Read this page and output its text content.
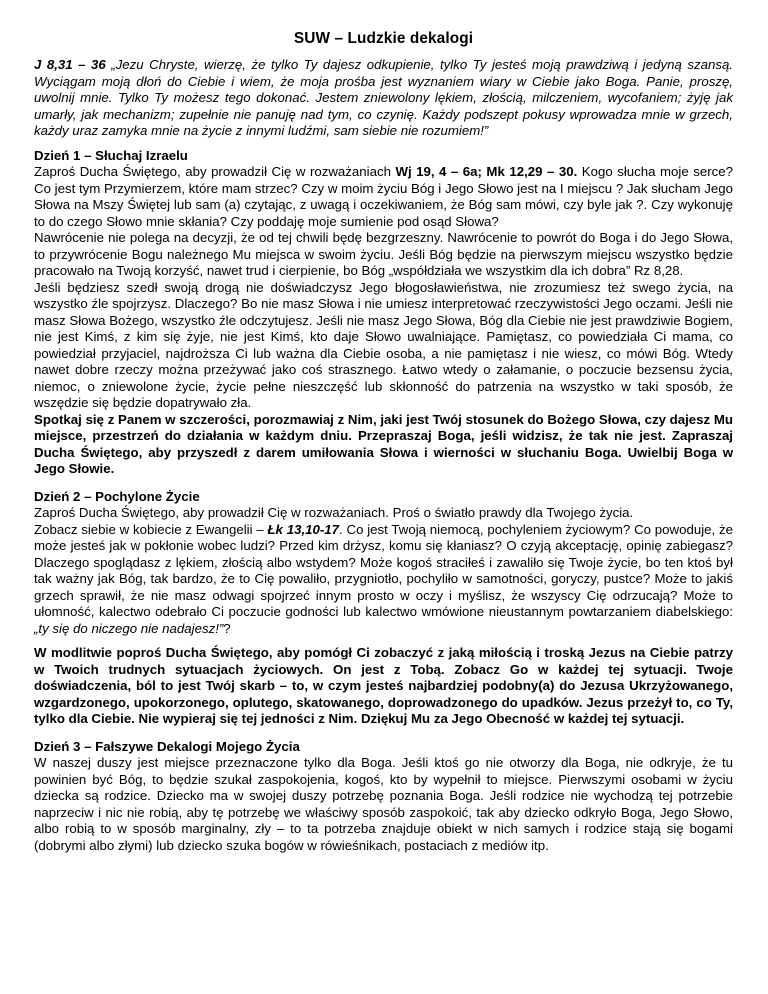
SUW – Ludzkie dekalogi

J 8,31 – 36 „Jezu Chryste, wierzę, że tylko Ty dajesz odkupienie, tylko Ty jesteś moją prawdziwą i jedyną szansą. Wyciągam moją dłoń do Ciebie i wiem, że moja prośba jest wyznaniem wiary w Ciebie jako Boga. Panie, proszę, uwolnij mnie. Tylko Ty możesz tego dokonać. Jestem zniewolony lękiem, złością, milczeniem, wycofaniem; żyję jak umarły, jak mechanizm; zupełnie nie panuję nad tym, co czynię. Każdy podszept pokusy wprowadza mnie w grzech, każdy uraz zamyka mnie na życie z innymi ludźmi, sam siebie nie rozumiem!”

Dzień 1 – Słuchaj Izraelu

Zaproś Ducha Świętego, aby prowadził Cię w rozważaniach Wj 19, 4 – 6a; Mk 12,29 – 30. Kogo słucha moje serce? Co jest tym Przymierzem, które mam strzec? Czy w moim życiu Bóg i Jego Słowo jest na I miejscu ? Jak słucham Jego Słowa na Mszy Świętej lub sam (a) czytając, z uwagą i oczekiwaniem, że Bóg sam mówi, czy byle jak ?. Czy wykonuję to do czego Słowo mnie skłania? Czy poddaję moje sumienie pod osąd Słowa?

Nawrócenie nie polega na decyzji, że od tej chwili będę bezgrzeszny. Nawrócenie to powrót do Boga i do Jego Słowa, to przywrócenie Bogu należnego Mu miejsca w swoim życiu. Jeśli Bóg będzie na pierwszym miejscu wszystko będzie pracowało na Twoją korzyść, nawet trud i cierpienie, bo Bóg „współdziała we wszystkim dla ich dobra” Rz 8,28.

Jeśli będziesz szedł swoją drogą nie doświadczysz Jego błogosławieństwa, nie zrozumiesz też swego życia, na wszystko źle spojrzysz. Dlaczego? Bo nie masz Słowa i nie umiesz interpretować rzeczywistości Jego oczami. Jeśli nie masz Słowa Bożego, wszystko źle odczytujesz. Jeśli nie masz Jego Słowa, Bóg dla Ciebie nie jest prawdziwie Bogiem, nie jest Kimś, z kim się żyje, nie jest Kimś, kto daje Słowo uwalniające. Pamiętasz, co powiedziała Ci mama, co powiedział przyjaciel, najdroższa Ci lub ważna dla Ciebie osoba, a nie pamiętasz i nie wiesz, co mówi Bóg. Wtedy nawet dobre rzeczy można przeżywać jako coś strasznego. Łatwo wtedy o załamanie, o poczucie bezsensu życia, niemoc, o zniewolone życie, życie pełne nieszczęść lub skłonność do patrzenia na wszystko w taki sposób, że wszędzie się będzie dopatrywało zła.

Spotkaj się z Panem w szczerości, porozmawiaj z Nim, jaki jest Twój stosunek do Bożego Słowa, czy dajesz Mu miejsce, przestrzeń do działania w każdym dniu. Przepraszaj Boga, jeśli widzisz, że tak nie jest. Zapraszaj Ducha Świętego, aby przyszedł z darem umiłowania Słowa i wierności w słuchaniu Boga. Uwielbij Boga w Jego Słowie.

Dzień 2 – Pochylone Życie

Zaproś Ducha Świętego, aby prowadził Cię w rozważaniach. Proś o światło prawdy dla Twojego życia.

Zobacz siebie w kobiecie z Ewangelii – Łk 13,10-17. Co jest Twoją niemocą, pochyleniem życiowym? Co powoduje, że może jesteś jak w pokłonie wobec ludzi? Przed kim drżysz, komu się kłaniasz? O czyją akceptację, opinię zabiegasz? Dlaczego spoglądasz z lękiem, złością albo wstydem? Może kogoś straciłeś i zawaliło się Twoje życie, bo ten ktoś był tak ważny jak Bóg, tak bardzo, że to Cię powaliło, przygniotło, pochyliło w samotności, goryczy, pustce? Może to jakiś grzech sprawił, że nie masz odwagi spojrzeć innym prosto w oczy i myślisz, że wszyscy Cię odrzucają? Może to ułomność, kalectwo odebrało Ci poczucie godności lub kalectwo wmówione nieustannym powtarzaniem diabelskiego: „ty się do niczego nie nadajesz!”?

W modlitwie poproś Ducha Świętego, aby pomógł Ci zobaczyć z jaką miłością i troską Jezus na Ciebie patrzy w Twoich trudnych sytuacjach życiowych. On jest z Tobą. Zobacz Go w każdej tej sytuacji. Twoje doświadczenia, ból to jest Twój skarb – to, w czym jesteś najbardziej podobny(a) do Jezusa Ukrzyżowanego, wzgardzonego, upokorzonego, oplutego, skatowanego, doprowadzonego do upadków. Jezus przeżył to, co Ty, tylko dla Ciebie. Nie wypieraj się tej jedności z Nim. Dziękuj Mu za Jego Obecność w każdej tej sytuacji.

Dzień 3 – Fałszywe Dekalogi Mojego Życia

W naszej duszy jest miejsce przeznaczone tylko dla Boga. Jeśli ktoś go nie otworzy dla Boga, nie odkryje, że tu powinien być Bóg, to będzie szukał zaspokojenia, kogoś, kto by wypełnił to miejsce. Pierwszymi osobami w życiu dziecka są rodzice. Dziecko ma w swojej duszy potrzebę poznania Boga. Jeśli rodzice nie wychodzą tej potrzebie naprzeciw i nic nie robią, aby tę potrzebę we właściwy sposób zaspokoić, tak aby dziecko odkryło Boga, Jego Słowo, albo robią to w sposób marginalny, zły – to ta potrzeba znajduje obiekt w nich samych i rodzice stają się bogami (dobrymi albo złymi) lub dziecko szuka bogów w rówieśnikach, postaciach z mediów itp.
